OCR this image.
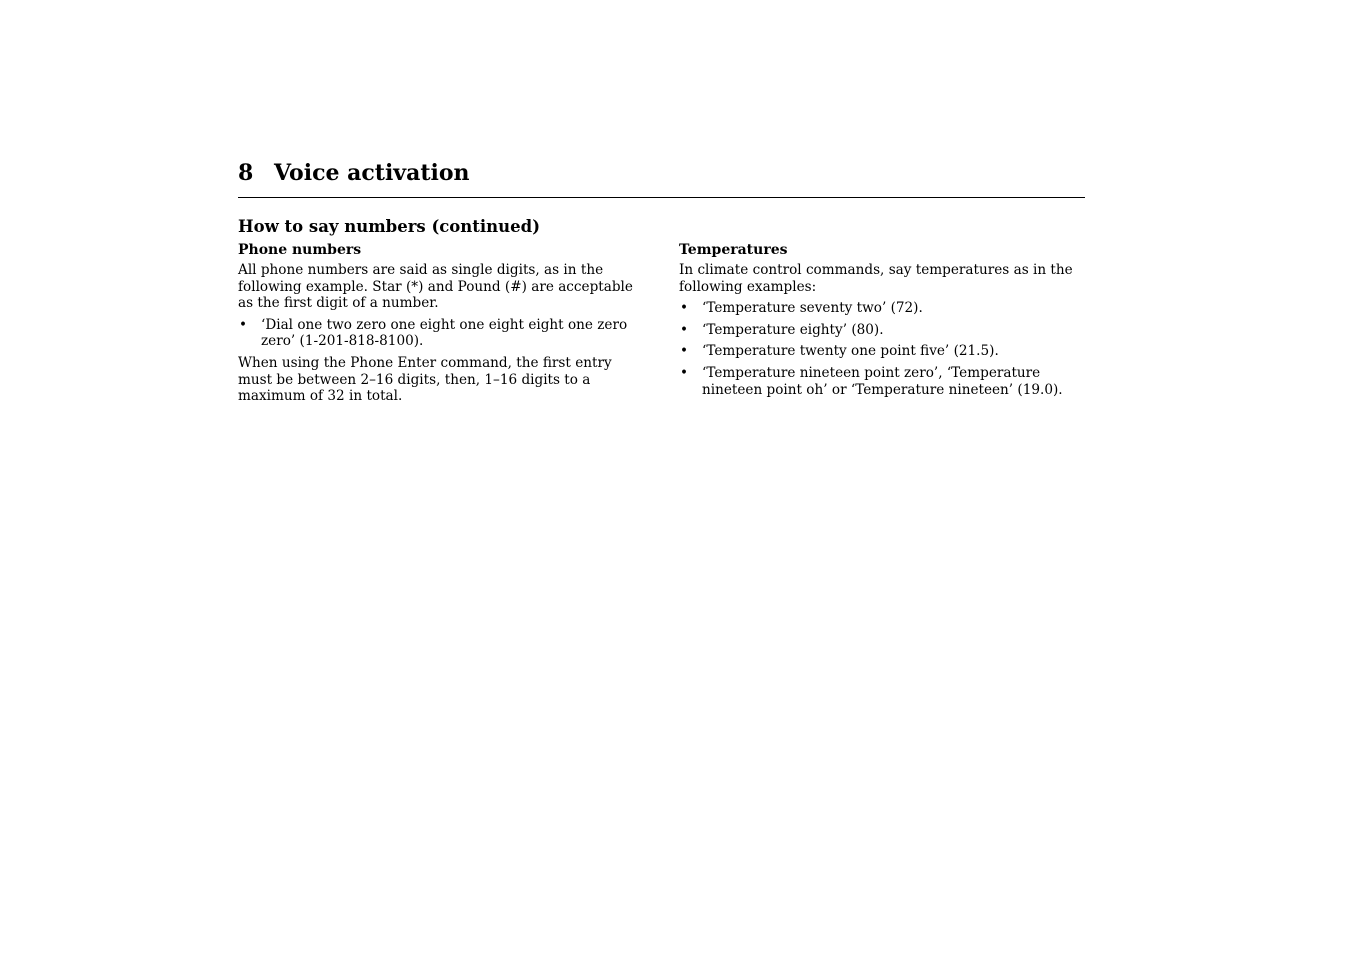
8 Voice activation
How to say numbers (continued)
Phone numbers

All phone numbers are said as single digits, as in the following example. Star (*) and Pound (#) are acceptable as the first digit of a number.

• ‘Dial one two zero one eight one eight eight one zero zero’ (1-201-818-8100).

When using the Phone Enter command, the first entry must be between 2–16 digits, then, 1–16 digits to a maximum of 32 in total.

Temperatures

In climate control commands, say temperatures as in the following examples:

• ‘Temperature seventy two’ (72).
• ‘Temperature eighty’ (80).
• ‘Temperature twenty one point five’ (21.5).
• ‘Temperature nineteen point zero’, ‘Temperature nineteen point oh’ or ‘Temperature nineteen’ (19.0).
